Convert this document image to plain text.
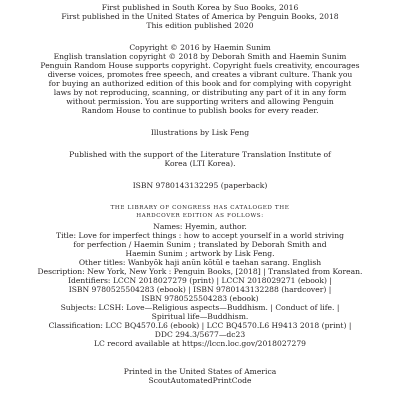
First published in South Korea by Suo Books, 2016
First published in the United States of America by Penguin Books, 2018
This edition published 2020
Copyright © 2016 by Haemin Sunim
English translation copyright © 2018 by Deborah Smith and Haemin Sunim
Penguin Random House supports copyright. Copyright fuels creativity, encourages
diverse voices, promotes free speech, and creates a vibrant culture. Thank you
for buying an authorized edition of this book and for complying with copyright
laws by not reproducing, scanning, or distributing any part of it in any form
without permission. You are supporting writers and allowing Penguin
Random House to continue to publish books for every reader.
Illustrations by Lisk Feng
Published with the support of the Literature Translation Institute of
Korea (LTI Korea).
ISBN 9780143132295 (paperback)
THE LIBRARY OF CONGRESS HAS CATALOGED THE
HARDCOVER EDITION AS FOLLOWS:
Names: Hyemin, author.
Title: Love for imperfect things : how to accept yourself in a world striving
for perfection / Haemin Sunim ; translated by Deborah Smith and
Haemin Sunim ; artwork by Lisk Feng.
Other titles: Wanbyŏk haji anŭn kŏtŭl e taehan sarang. English
Description: New York, New York : Penguin Books, [2018] | Translated from Korean.
Identifiers: LCCN 2018027279 (print) | LCCN 2018029271 (ebook) |
ISBN 9780525504283 (ebook) | ISBN 9780143132288 (hardcover) |
ISBN 9780525504283 (ebook)
Subjects: LCSH: Love—Religious aspects—Buddhism. | Conduct of life. |
Spiritual life—Buddhism.
Classification: LCC BQ4570.L6 (ebook) | LCC BQ4570.L6 H9413 2018 (print) |
DDC 294.3/5677—dc23
LC record available at https://lccn.loc.gov/2018027279
Printed in the United States of America
ScoutAutomatedPrintCode
